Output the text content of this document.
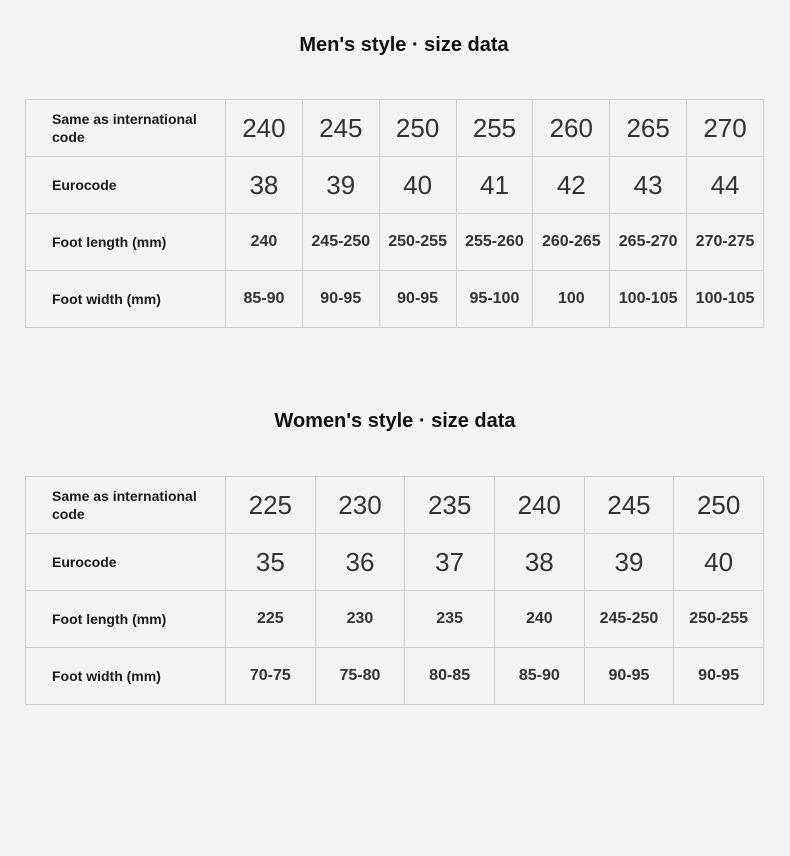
Men's style · size data
Same as international code	240	245	250	255	260	265	270

Eurocode	38	39	40	41	42	43	44

Foot length (mm)	240	245-250	250-255	255-260	260-265	265-270	270-275

Foot width (mm)	85-90	90-95	90-95	95-100	100	100-105	100-105
Women's style · size data
Same as international code	225	230	235	240	245	250

Eurocode	35	36	37	38	39	40

Foot length (mm)	225	230	235	240	245-250	250-255

Foot width (mm)	70-75	75-80	80-85	85-90	90-95	90-95
